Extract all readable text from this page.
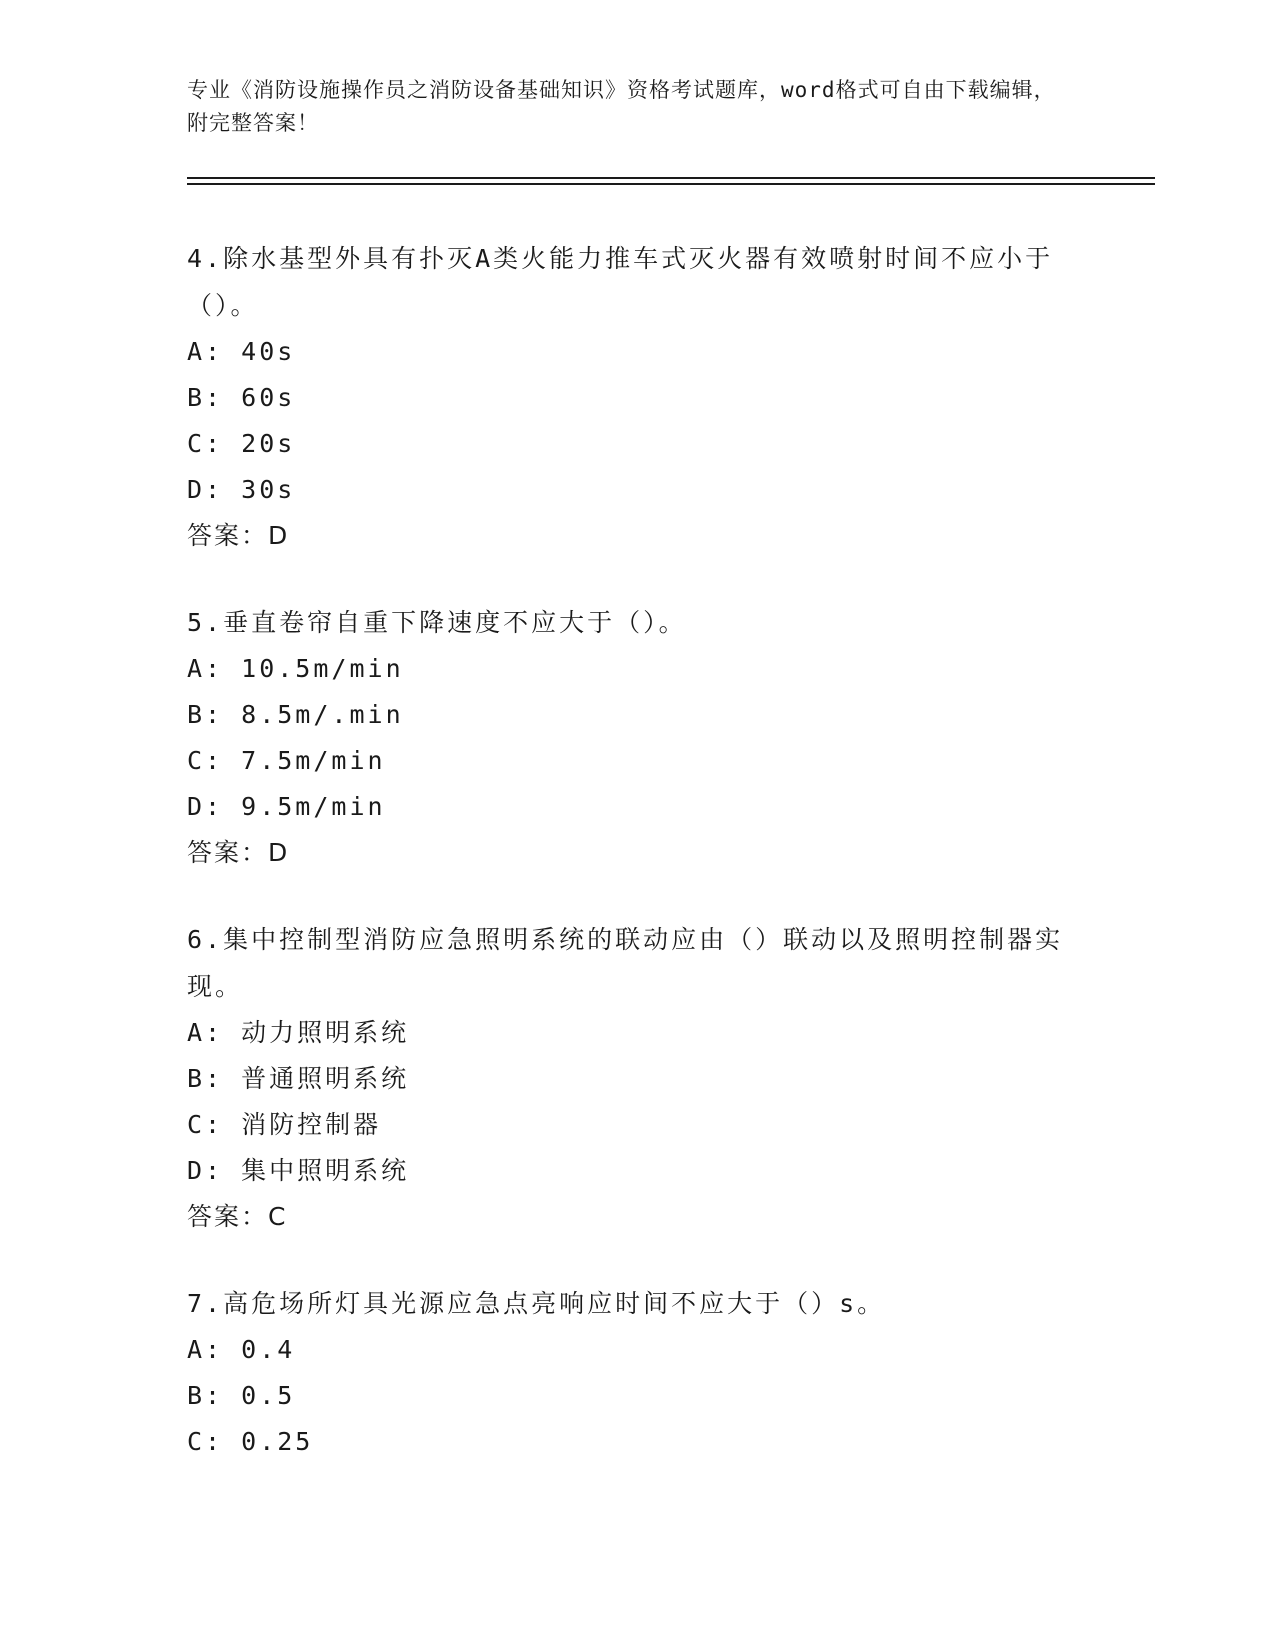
专业《消防设施操作员之消防设备基础知识》资格考试题库，word格式可自由下载编辑，附完整答案！
4.除水基型外具有扑灭A类火能力推车式灭火器有效喷射时间不应小于（）。
A: 40s
B: 60s
C: 20s
D: 30s
答案：D
5.垂直卷帘自重下降速度不应大于（）。
A: 10.5m/min
B: 8.5m/.min
C: 7.5m/min
D: 9.5m/min
答案：D
6.集中控制型消防应急照明系统的联动应由（）联动以及照明控制器实现。
A: 动力照明系统
B: 普通照明系统
C: 消防控制器
D: 集中照明系统
答案：C
7.高危场所灯具光源应急点亮响应时间不应大于（）s。
A: 0.4
B: 0.5
C: 0.25
